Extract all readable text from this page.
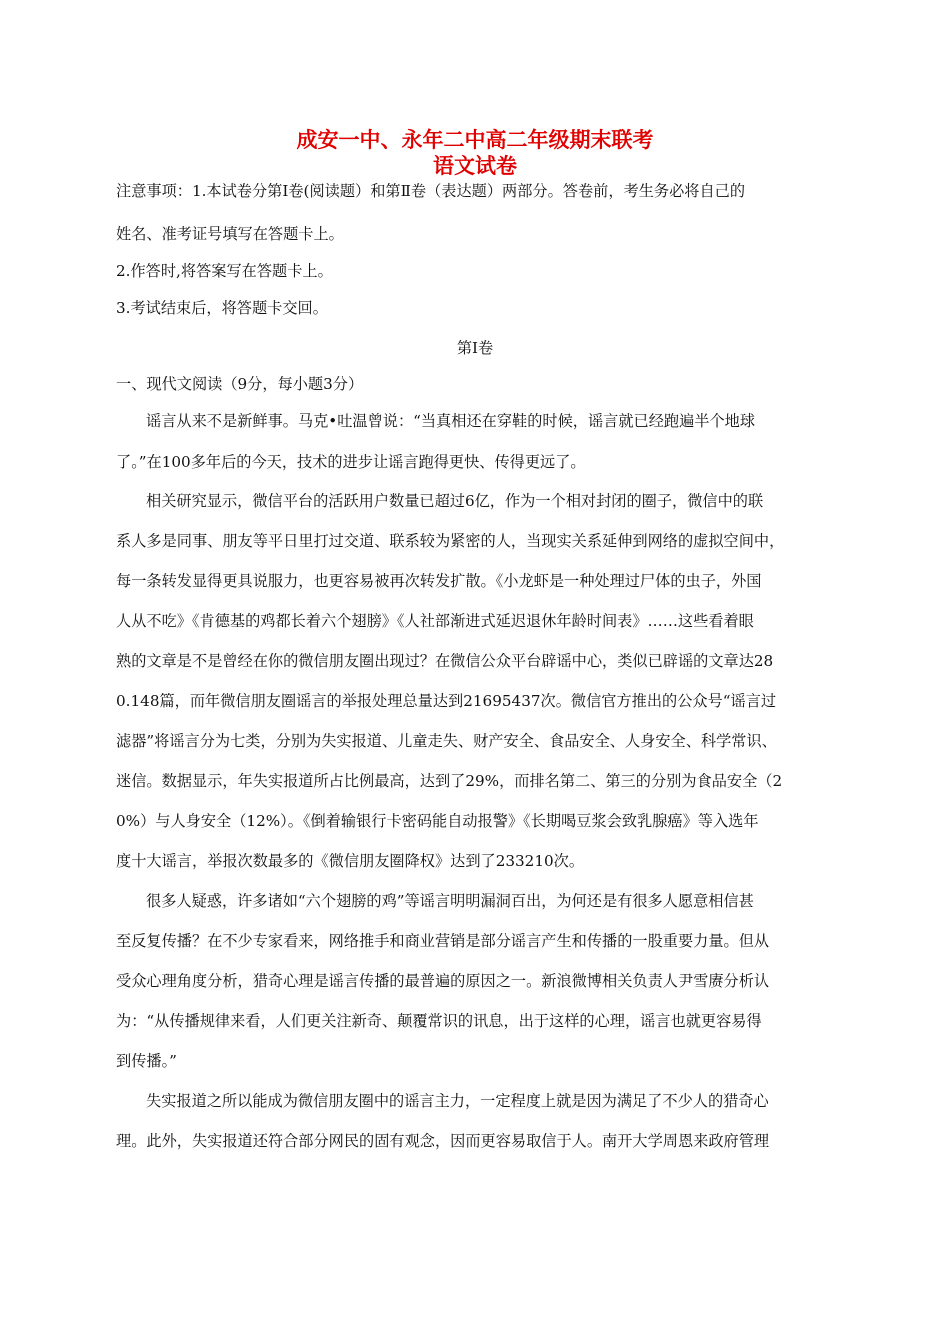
成安一中、永年二中高二年级期末联考
语文试卷
注意事项：1.本试卷分第Ⅰ卷(阅读题）和第Ⅱ卷（表达题）两部分。答卷前，考生务必将自己的
姓名、准考证号填写在答题卡上。
2.作答时,将答案写在答题卡上。
3.考试结束后，将答题卡交回。
第Ⅰ卷
一、现代文阅读（9分，每小题3分）
谣言从来不是新鲜事。马克•吐温曾说：“当真相还在穿鞋的时候，谣言就已经跑遍半个地球
了。”在100多年后的今天，技术的进步让谣言跑得更快、传得更远了。
相关研究显示，微信平台的活跃用户数量已超过6亿，作为一个相对封闭的圈子，微信中的联
系人多是同事、朋友等平日里打过交道、联系较为紧密的人，当现实关系延伸到网络的虚拟空间中，
每一条转发显得更具说服力，也更容易被再次转发扩散。《小龙虾是一种处理过尸体的虫子，外国
人从不吃》《肯德基的鸡都长着六个翅膀》《人社部渐进式延迟退休年龄时间表》……这些看着眼
熟的文章是不是曾经在你的微信朋友圈出现过？在微信公众平台辟谣中心，类似已辟谣的文章达28
0.148篇，而年微信朋友圈谣言的举报处理总量达到21695437次。微信官方推出的公众号“谣言过
滤器”将谣言分为七类，分别为失实报道、儿童走失、财产安全、食品安全、人身安全、科学常识、
迷信。数据显示，年失实报道所占比例最高，达到了29%，而排名第二、第三的分别为食品安全（2
0%）与人身安全（12%）。《倒着输银行卡密码能自动报警》《长期喝豆浆会致乳腺癌》等入选年
度十大谣言，举报次数最多的《微信朋友圈降权》达到了233210次。
很多人疑惑，许多诸如“六个翅膀的鸡”等谣言明明漏洞百出，为何还是有很多人愿意相信甚
至反复传播？在不少专家看来，网络推手和商业营销是部分谣言产生和传播的一股重要力量。但从
受众心理角度分析，猎奇心理是谣言传播的最普遍的原因之一。新浪微博相关负责人尹雪赓分析认
为：“从传播规律来看，人们更关注新奇、颠覆常识的讯息，出于这样的心理，谣言也就更容易得
到传播。”
失实报道之所以能成为微信朋友圈中的谣言主力，一定程度上就是因为满足了不少人的猎奇心
理。此外，失实报道还符合部分网民的固有观念，因而更容易取信于人。南开大学周恩来政府管理
